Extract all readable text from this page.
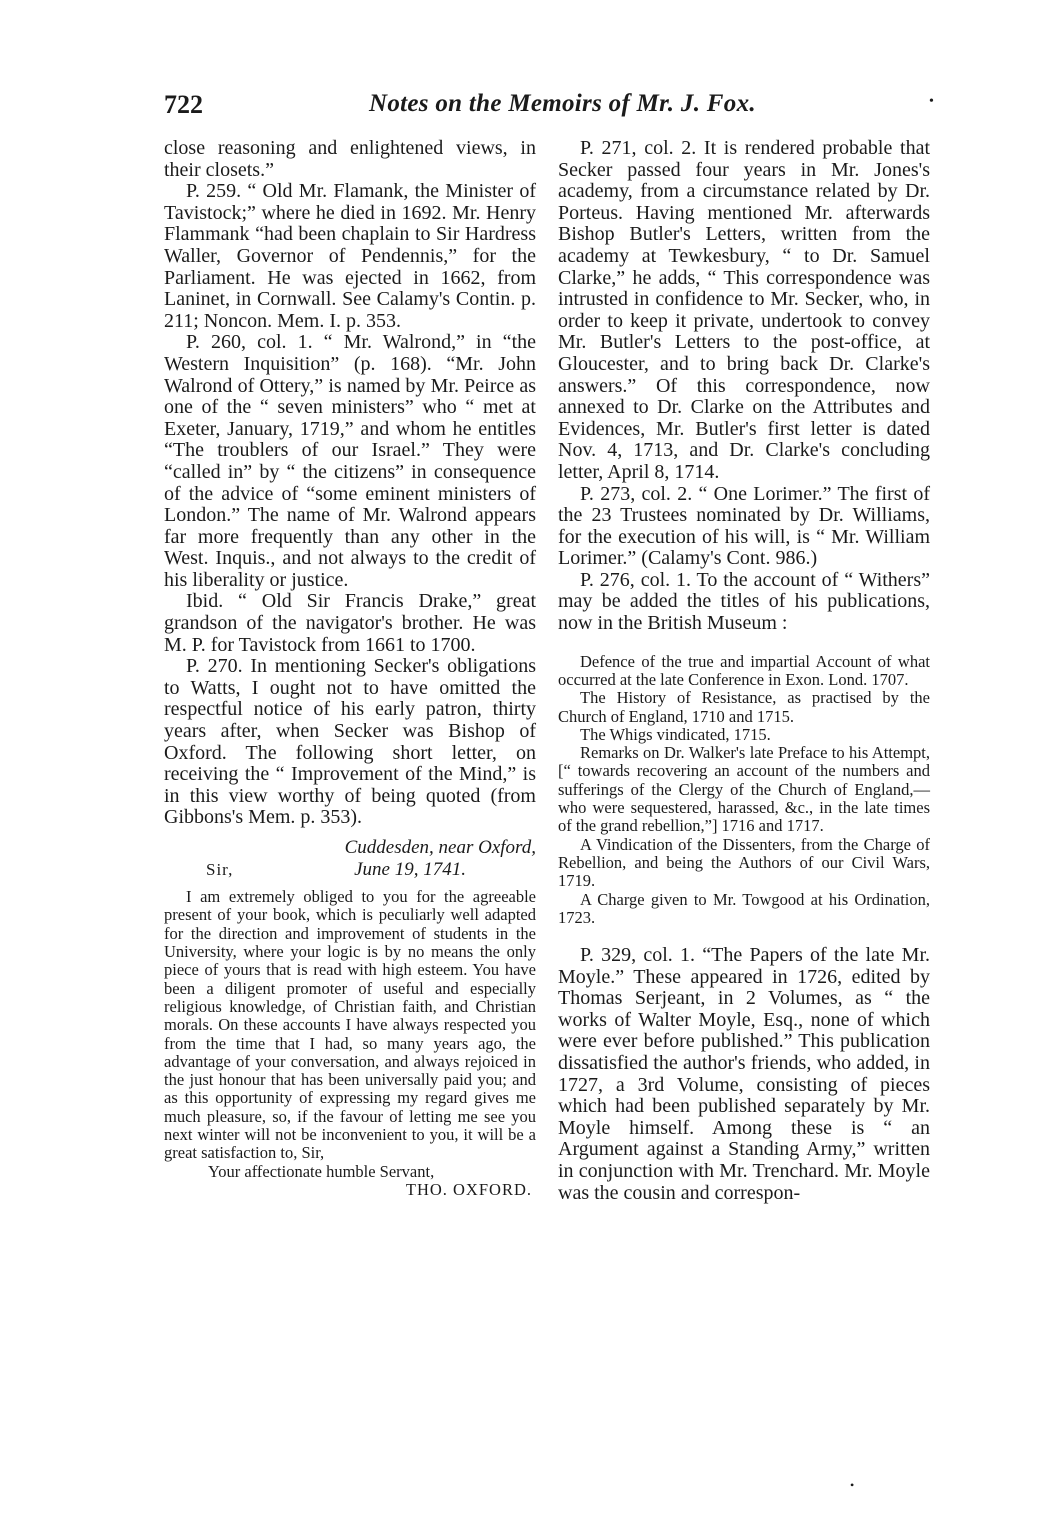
722	Notes on the Memoirs of Mr. J. Fox.	•

close reasoning and enlightened views, in their closets.”

P. 259. “ Old Mr. Flamank, the Minister of Tavistock;” where he died in 1692. Mr. Henry Flammank “had been chaplain to Sir Hardress Waller, Governor of Pendennis,” for the Parliament. He was ejected in 1662, from Laninet, in Cornwall. See Calamy's Contin. p. 211; Noncon. Mem. I. p. 353.

P. 260, col. 1. “ Mr. Walrond,” in “the Western Inquisition” (p. 168). “Mr. John Walrond of Ottery,” is named by Mr. Peirce as one of the “ seven ministers” who “ met at Exeter, January, 1719,” and whom he entitles “The troublers of our Israel.” They were “called in” by “ the citizens” in consequence of the advice of “some eminent ministers of London.” The name of Mr. Walrond appears far more frequently than any other in the West. Inquis., and not always to the credit of his liberality or justice.

Ibid. “ Old Sir Francis Drake,” great grandson of the navigator's brother. He was M. P. for Tavistock from 1661 to 1700.

P. 270. In mentioning Secker's obligations to Watts, I ought not to have omitted the respectful notice of his early patron, thirty years after, when Secker was Bishop of Oxford. The following short letter, on receiving the “ Improvement of the Mind,” is in this view worthy of being quoted (from Gibbons's Mem. p. 353).

Cuddesden, near Oxford,
Sir,	June 19, 1741.

I am extremely obliged to you for the agreeable present of your book, which is peculiarly well adapted for the direction and improvement of students in the University, where your logic is by no means the only piece of yours that is read with high esteem. You have been a diligent promoter of useful and especially religious knowledge, of Christian faith, and Christian morals. On these accounts I have always respected you from the time that I had, so many years ago, the advantage of your conversation, and always rejoiced in the just honour that has been universally paid you; and as this opportunity of expressing my regard gives me much pleasure, so, if the favour of letting me see you next winter will not be inconvenient to you, it will be a great satisfaction to, Sir,

Your affectionate humble Servant,

THO. OXFORD.

P. 271, col. 2. It is rendered probable that Secker passed four years in Mr. Jones's academy, from a circumstance related by Dr. Porteus. Having mentioned Mr. afterwards Bishop Butler's Letters, written from the academy at Tewkesbury, “ to Dr. Samuel Clarke,” he adds, “ This correspondence was intrusted in confidence to Mr. Secker, who, in order to keep it private, undertook to convey Mr. Butler's Letters to the post-office, at Gloucester, and to bring back Dr. Clarke's answers.” Of this correspondence, now annexed to Dr. Clarke on the Attributes and Evidences, Mr. Butler's first letter is dated Nov. 4, 1713, and Dr. Clarke's concluding letter, April 8, 1714.

P. 273, col. 2. “ One Lorimer.” The first of the 23 Trustees nominated by Dr. Williams, for the execution of his will, is “ Mr. William Lorimer.” (Calamy's Cont. 986.)

P. 276, col. 1. To the account of “ Withers” may be added the titles of his publications, now in the British Museum :

Defence of the true and impartial Account of what occurred at the late Conference in Exon. Lond. 1707.

The History of Resistance, as practised by the Church of England, 1710 and 1715.

The Whigs vindicated, 1715.

Remarks on Dr. Walker's late Preface to his Attempt, [“ towards recovering an account of the numbers and sufferings of the Clergy of the Church of England,— who were sequestered, harassed, &c., in the late times of the grand rebellion,”] 1716 and 1717.

A Vindication of the Dissenters, from the Charge of Rebellion, and being the Authors of our Civil Wars, 1719.

A Charge given to Mr. Towgood at his Ordination, 1723.

P. 329, col. 1. “The Papers of the late Mr. Moyle.” These appeared in 1726, edited by Thomas Serjeant, in 2 Volumes, as “ the works of Walter Moyle, Esq., none of which were ever before published.” This publication dissatisfied the author's friends, who added, in 1727, a 3rd Volume, consisting of pieces which had been published separately by Mr. Moyle himself. Among these is “ an Argument against a Standing Army,” written in conjunction with Mr. Trenchard. Mr. Moyle was the cousin and correspon-

•
